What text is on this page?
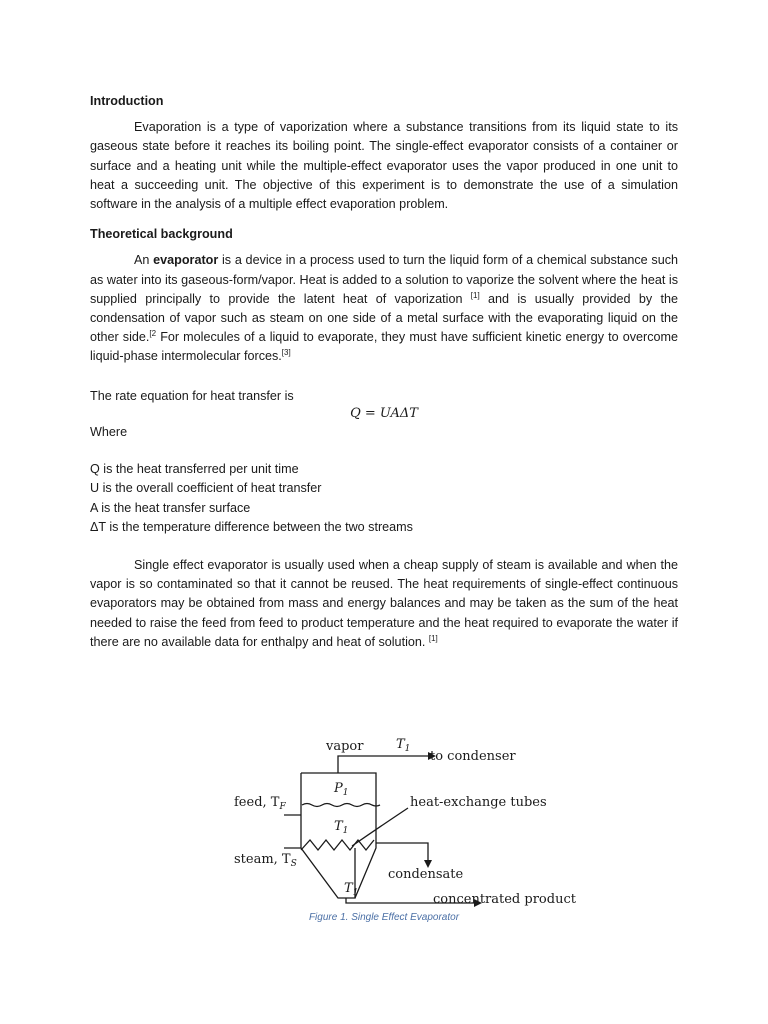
Introduction

Evaporation is a type of vaporization where a substance transitions from its liquid state to its gaseous state before it reaches its boiling point. The single-effect evaporator consists of a container or surface and a heating unit while the multiple-effect evaporator uses the vapor produced in one unit to heat a succeeding unit. The objective of this experiment is to demonstrate the use of a simulation software in the analysis of a multiple effect evaporation problem.

Theoretical background

An evaporator is a device in a process used to turn the liquid form of a chemical substance such as water into its gaseous-form/vapor. Heat is added to a solution to vaporize the solvent where the heat is supplied principally to provide the latent heat of vaporization [1] and is usually provided by the condensation of vapor such as steam on one side of a metal surface with the evaporating liquid on the other side.$^{[2}$ For molecules of a liquid to evaporate, they must have sufficient kinetic energy to overcome liquid-phase intermolecular forces.[3]

The rate equation for heat transfer is
Q = UAΔT
Where
Q is the heat transferred per unit time
U is the overall coefficient of heat transfer
A is the heat transfer surface
ΔT is the temperature difference between the two streams

Single effect evaporator is usually used when a cheap supply of steam is available and when the vapor is so contaminated so that it cannot be reused. The heat requirements of single-effect continuous evaporators may be obtained from mass and energy balances and may be taken as the sum of the heat needed to raise the feed from feed to product temperature and the heat required to evaporate the water if there are no available data for enthalpy and heat of solution. [1]

vapor	$T_1$ to condenser
$P_1$
feed, $T_F$	heat-exchange tubes
$T_1$
steam, $T_S$
condensate
$T_1$	concentrated product
Figure 1. Single Effect Evaporator
